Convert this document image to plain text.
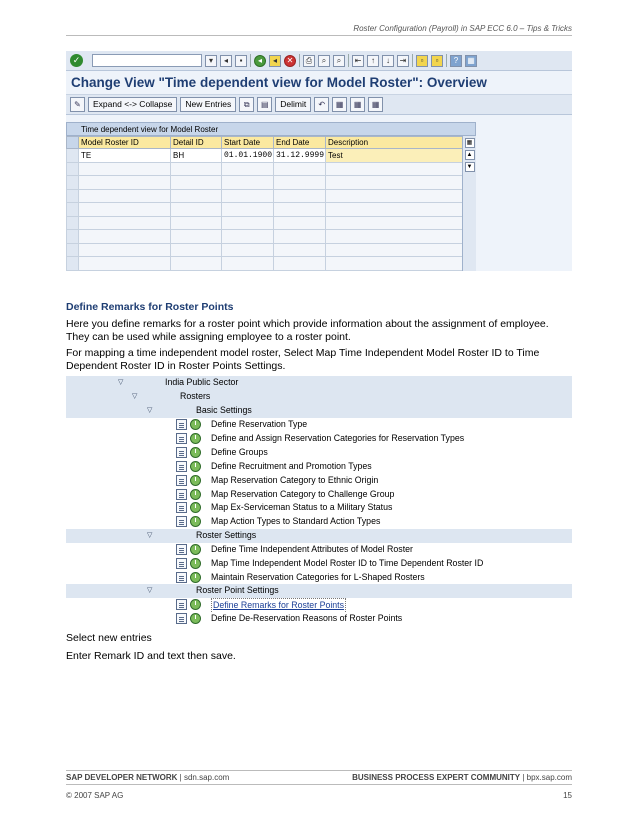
Roster Configuration (Payroll) in SAP ECC 6.0 – Tips & Tricks
✓	▾	◂	▪	◂	◂	✕	⎙	⌕	⌕	⇤	↑	↓	⇥	▫	▫	?	▦
Change View "Time dependent view for Model Roster": Overview
✎	Expand <-> Collapse	New Entries	⧉	▤	Delimit	↶	▦	▦	▦
Time dependent view for Model Roster
	Model Roster ID	Detail ID	Start Date	End Date	Description
	TE	BH	01.01.1900	31.12.9999	Test

▦
▲
▼
Define Remarks for Roster Points
Here you define remarks for a roster point which provide information about the assignment of employee. They can be used while assigning employee to a roster point.
For mapping a time independent model roster, Select Map Time Independent Model Roster ID to Time Dependent Roster ID in Roster Points Settings.
▽	India Public Sector
▽	Rosters
▽	Basic Settings
Define Reservation Type
Define and Assign Reservation Categories for Reservation Types
Define Groups
Define Recruitment and Promotion Types
Map Reservation Category to Ethnic Origin
Map Reservation Category to Challenge Group
Map Ex-Serviceman Status to a Military Status
Map Action Types to Standard Action Types
▽	Roster Settings
Define Time Independent Attributes of Model Roster
Map Time Independent Model Roster ID to Time Dependent Roster ID
Maintain Reservation Categories for L-Shaped Rosters
▽	Roster Point Settings
Define Remarks for Roster Points
Define De-Reservation Reasons of Roster Points
Select new entries
Enter Remark ID and text then save.
SAP DEVELOPER NETWORK | sdn.sap.com	BUSINESS PROCESS EXPERT COMMUNITY | bpx.sap.com
© 2007 SAP AG	15
